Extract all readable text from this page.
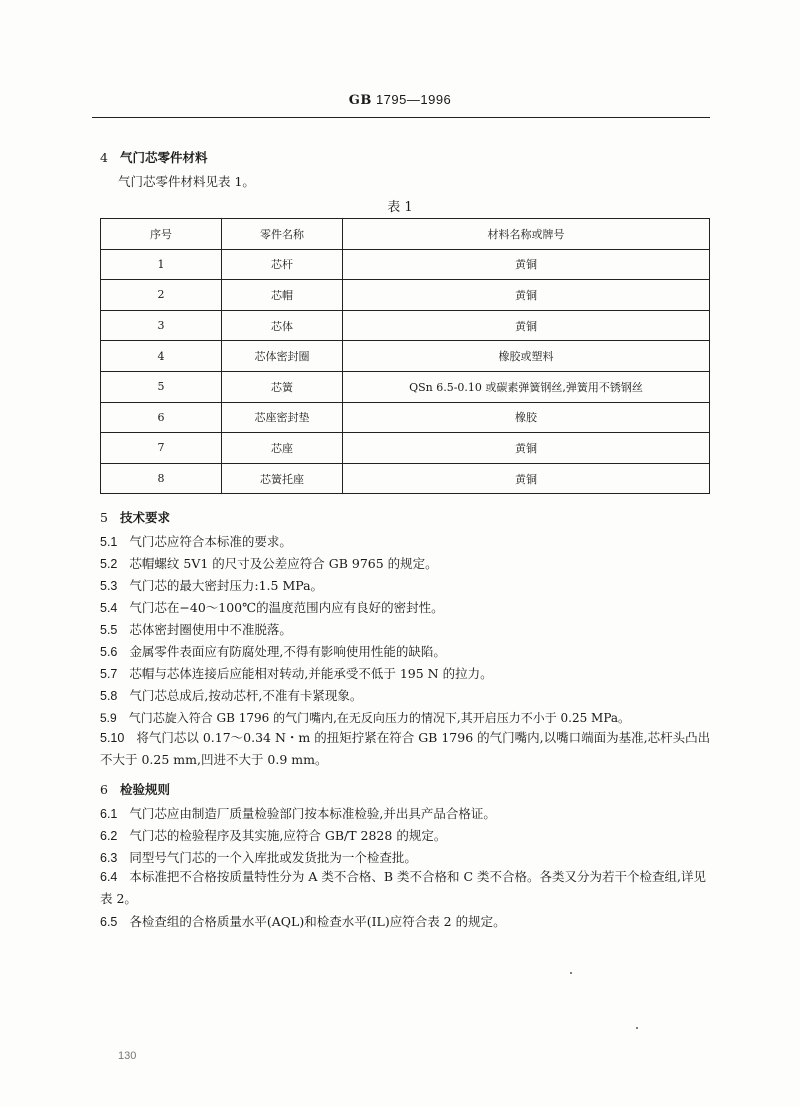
GB 1795—1996
4 气门芯零件材料
气门芯零件材料见表 1。
表 1
序号	零件名称	材料名称或牌号
1	芯杆	黄铜
2	芯帽	黄铜
3	芯体	黄铜
4	芯体密封圈	橡胶或塑料
5	芯簧	QSn 6.5-0.10 或碳素弹簧钢丝,弹簧用不锈钢丝
6	芯座密封垫	橡胶
7	芯座	黄铜
8	芯簧托座	黄铜
5 技术要求
5.1 气门芯应符合本标准的要求。
5.2 芯帽螺纹 5V1 的尺寸及公差应符合 GB 9765 的规定。
5.3 气门芯的最大密封压力:1.5 MPa。
5.4 气门芯在−40～100℃的温度范围内应有良好的密封性。
5.5 芯体密封圈使用中不准脱落。
5.6 金属零件表面应有防腐处理,不得有影响使用性能的缺陷。
5.7 芯帽与芯体连接后应能相对转动,并能承受不低于 195 N 的拉力。
5.8 气门芯总成后,按动芯杆,不准有卡紧现象。
5.9 气门芯旋入符合 GB 1796 的气门嘴内,在无反向压力的情况下,其开启压力不小于 0.25 MPa。
5.10 将气门芯以 0.17～0.34 N・m 的扭矩拧紧在符合 GB 1796 的气门嘴内,以嘴口端面为基准,芯杆头凸出不大于 0.25 mm,凹进不大于 0.9 mm。
6 检验规则
6.1 气门芯应由制造厂质量检验部门按本标准检验,并出具产品合格证。
6.2 气门芯的检验程序及其实施,应符合 GB/T 2828 的规定。
6.3 同型号气门芯的一个入库批或发货批为一个检查批。
6.4 本标准把不合格按质量特性分为 A 类不合格、B 类不合格和 C 类不合格。各类又分为若干个检查组,详见表 2。
6.5 各检查组的合格质量水平(AQL)和检查水平(IL)应符合表 2 的规定。
130
